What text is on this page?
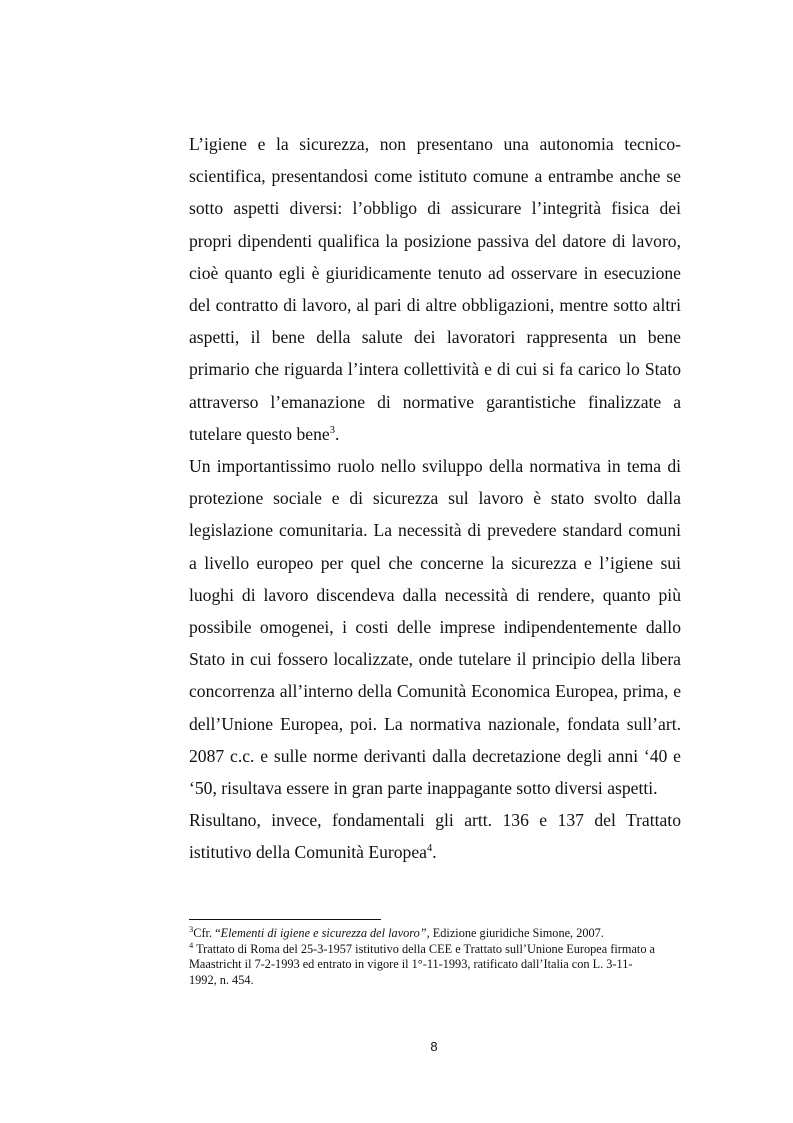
L’igiene e la sicurezza, non presentano una autonomia tecnico-scientifica, presentandosi come istituto comune a entrambe anche se sotto aspetti diversi: l’obbligo di assicurare l’integrità fisica dei propri dipendenti qualifica la posizione passiva del datore di lavoro, cioè quanto egli è giuridicamente tenuto ad osservare in esecuzione del contratto di lavoro, al pari di altre obbligazioni, mentre sotto altri aspetti, il bene della salute dei lavoratori rappresenta un bene primario che riguarda l’intera collettività e di cui si fa carico lo Stato attraverso l’emanazione di normative garantistiche finalizzate a tutelare questo bene$^3$.

Un importantissimo ruolo nello sviluppo della normativa in tema di protezione sociale e di sicurezza sul lavoro è stato svolto dalla legislazione comunitaria. La necessità di prevedere standard comuni a livello europeo per quel che concerne la sicurezza e l’igiene sui luoghi di lavoro discendeva dalla necessità di rendere, quanto più possibile omogenei, i costi delle imprese indipendentemente dallo Stato in cui fossero localizzate, onde tutelare il principio della libera concorrenza all’interno della Comunità Economica Europea, prima, e dell’Unione Europea, poi. La normativa nazionale, fondata sull’art. 2087 c.c. e sulle norme derivanti dalla decretazione degli anni ‘40 e ‘50, risultava essere in gran parte inappagante sotto diversi aspetti.

Risultano, invece, fondamentali gli artt. 136 e 137 del Trattato istitutivo della Comunità Europea$^4$.

$^3$Cfr. “Elementi di igiene e sicurezza del lavoro”, Edizione giuridiche Simone, 2007.

$^4$ Trattato di Roma del 25-3-1957 istitutivo della CEE e Trattato sull’Unione Europea firmato a Maastricht il 7-2-1993 ed entrato in vigore il 1°-11-1993, ratificato dall’Italia con L. 3-11-1992, n. 454.

8
